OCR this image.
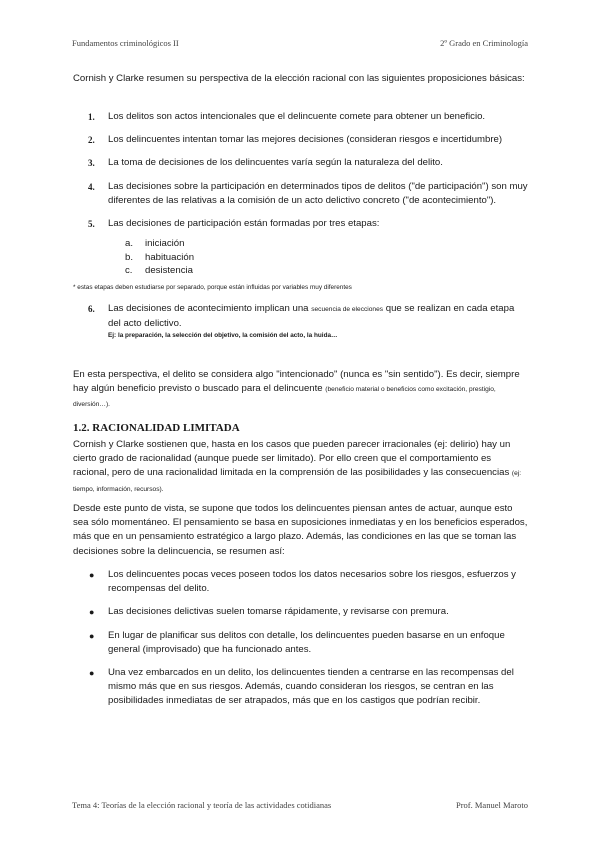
Fundamentos criminológicos II	2º Grado en Criminología

Cornish y Clarke resumen su perspectiva de la elección racional con las siguientes proposiciones básicas:

1. Los delitos son actos intencionales que el delincuente comete para obtener un beneficio.
2. Los delincuentes intentan tomar las mejores decisiones (consideran riesgos e incertidumbre)
3. La toma de decisiones de los delincuentes varía según la naturaleza del delito.
4. Las decisiones sobre la participación en determinados tipos de delitos ("de participación") son muy diferentes de las relativas a la comisión de un acto delictivo concreto ("de acontecimiento").
5. Las decisiones de participación están formadas por tres etapas:
a. iniciación
b. habituación
c. desistencia
* estas etapas deben estudiarse por separado, porque están influidas por variables muy diferentes
6. Las decisiones de acontecimiento implican una secuencia de elecciones que se realizan en cada etapa del acto delictivo.
Ej: la preparación, la selección del objetivo, la comisión del acto, la huida…

En esta perspectiva, el delito se considera algo "intencionado" (nunca es "sin sentido"). Es decir, siempre hay algún beneficio previsto o buscado para el delincuente (beneficio material o beneficios como excitación, prestigio, diversión…).

1.2. RACIONALIDAD LIMITADA

Cornish y Clarke sostienen que, hasta en los casos que pueden parecer irracionales (ej: delirio) hay un cierto grado de racionalidad (aunque puede ser limitado). Por ello creen que el comportamiento es racional, pero de una racionalidad limitada en la comprensión de las posibilidades y las consecuencias (ej: tiempo, información, recursos).

Desde este punto de vista, se supone que todos los delincuentes piensan antes de actuar, aunque esto sea sólo momentáneo. El pensamiento se basa en suposiciones inmediatas y en los beneficios esperados, más que en un pensamiento estratégico a largo plazo. Además, las condiciones en las que se toman las decisiones sobre la delincuencia, se resumen así:

● Los delincuentes pocas veces poseen todos los datos necesarios sobre los riesgos, esfuerzos y recompensas del delito.
● Las decisiones delictivas suelen tomarse rápidamente, y revisarse con premura.
● En lugar de planificar sus delitos con detalle, los delincuentes pueden basarse en un enfoque general (improvisado) que ha funcionado antes.
● Una vez embarcados en un delito, los delincuentes tienden a centrarse en las recompensas del mismo más que en sus riesgos. Además, cuando consideran los riesgos, se centran en las posibilidades inmediatas de ser atrapados, más que en los castigos que podrían recibir.
Tema 4: Teorías de la elección racional y teoría de las actividades cotidianas	Prof. Manuel Maroto
